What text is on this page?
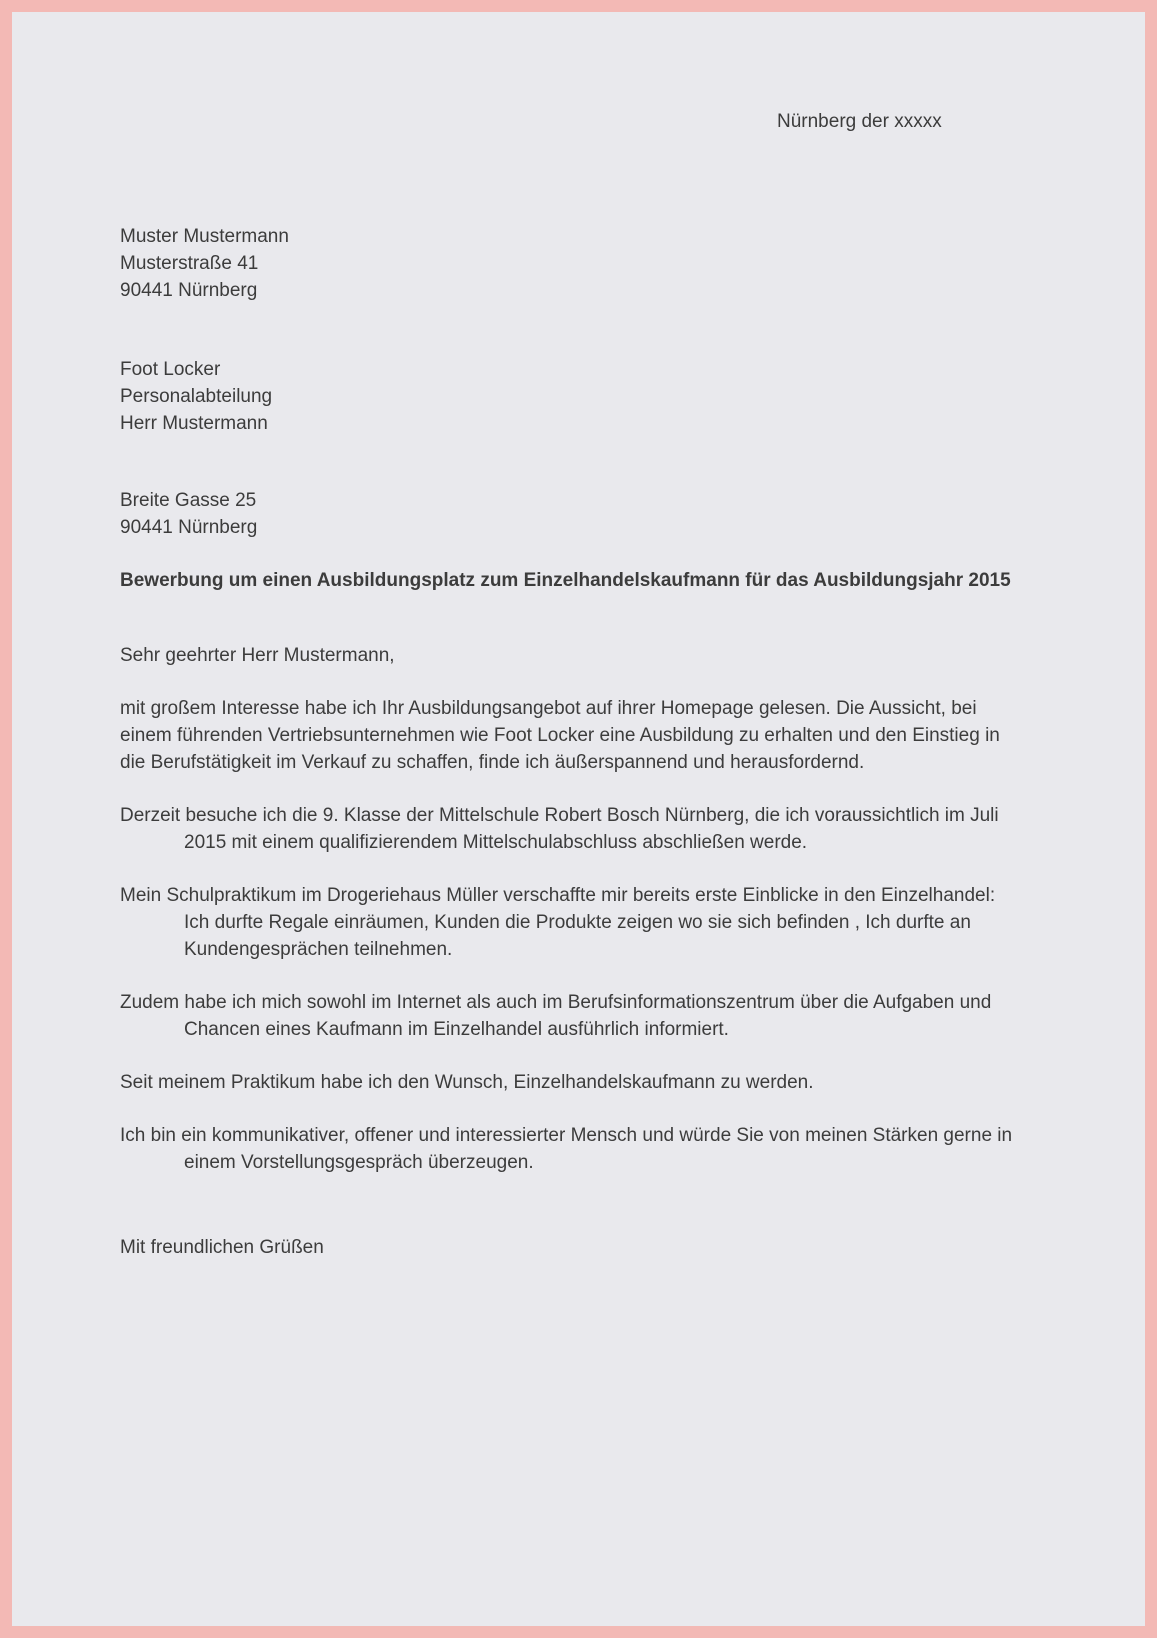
Nürnberg der xxxxx
Muster Mustermann
Musterstraße 41
90441 Nürnberg
Foot Locker
Personalabteilung
Herr Mustermann
Breite Gasse 25
90441 Nürnberg
Bewerbung um einen Ausbildungsplatz zum Einzelhandelskaufmann für das Ausbildungsjahr 2015
Sehr geehrter Herr Mustermann,
mit großem Interesse habe ich Ihr Ausbildungsangebot auf ihrer Homepage gelesen. Die Aussicht, bei einem führenden Vertriebsunternehmen wie Foot Locker eine Ausbildung zu erhalten und den Einstieg in die Berufstätigkeit im Verkauf zu schaffen, finde ich äußerspannend und herausfordernd.
Derzeit besuche ich die 9. Klasse der Mittelschule Robert Bosch Nürnberg, die ich voraussichtlich im Juli 2015 mit einem qualifizierendem Mittelschulabschluss abschließen werde.
Mein Schulpraktikum im Drogeriehaus Müller verschaffte mir bereits erste Einblicke in den Einzelhandel: Ich durfte Regale einräumen, Kunden die Produkte zeigen wo sie sich befinden , Ich durfte an Kundengesprächen teilnehmen.
Zudem habe ich mich sowohl im Internet als auch im Berufsinformationszentrum über die Aufgaben und Chancen eines Kaufmann im Einzelhandel ausführlich informiert.
Seit meinem Praktikum habe ich den Wunsch, Einzelhandelskaufmann zu werden.
Ich bin ein kommunikativer, offener und interessierter Mensch und würde Sie von meinen Stärken gerne in einem Vorstellungsgespräch überzeugen.
Mit freundlichen Grüßen
